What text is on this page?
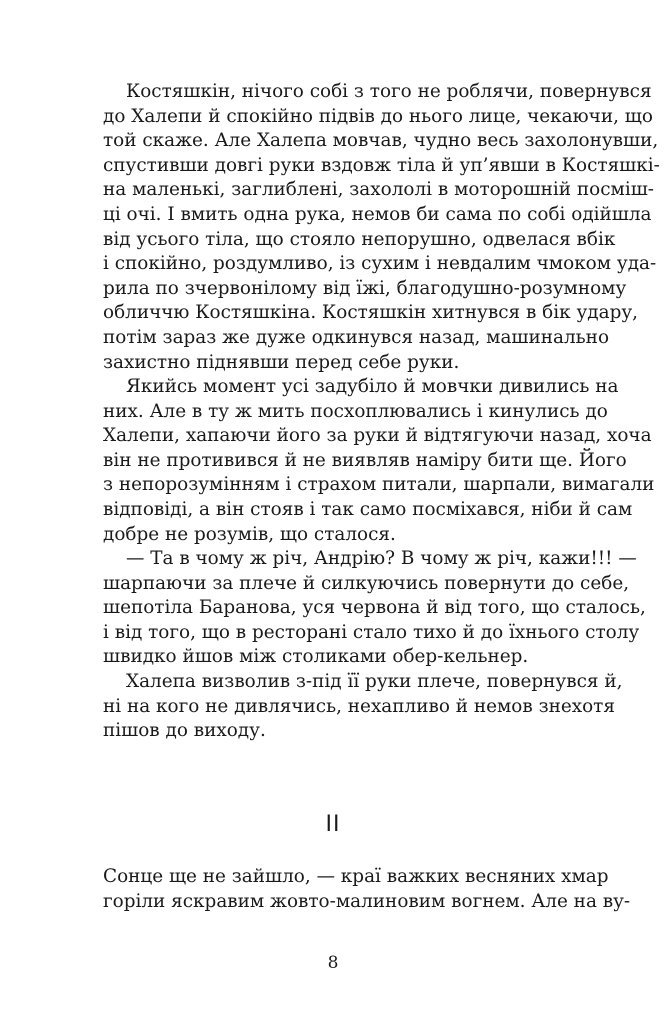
Костяшкін, нічого собі з того не роблячи, повернувся
до Халепи й спокійно підвів до нього лице, чекаючи, що
той скаже. Але Халепа мовчав, чудно весь захолонувши,
спустивши довгі руки вздовж тіла й уп’явши в Костяшкі-
на маленькі, заглиблені, захололі в моторошній посміш-
ці очі. І вмить одна рука, немов би сама по собі одійшла
від усього тіла, що стояло непорушно, одвелася вбік
і спокійно, роздумливо, із сухим і невдалим чмоком уда-
рила по зчервонілому від їжі, благодушно-розумному
обличчю Костяшкіна. Костяшкін хитнувся в бік удару,
потім зараз же дуже одкинувся назад, машинально
захистно піднявши перед себе руки.
Якийсь момент усі задубіло й мовчки дивились на
них. Але в ту ж мить посхоплювались і кинулись до
Халепи, хапаючи його за руки й відтягуючи назад, хоча
він не противився й не виявляв наміру бити ще. Його
з непорозумінням і страхом питали, шарпали, вимагали
відповіді, а він стояв і так само посміхався, ніби й сам
добре не розумів, що сталося.
— Та в чому ж річ, Андрію? В чому ж річ, кажи!!! —
шарпаючи за плече й силкуючись повернути до себе,
шепотіла Баранова, уся червона й від того, що сталось,
і від того, що в ресторані стало тихо й до їхнього столу
швидко йшов між столиками обер-кельнер.
Халепа визволив з-під її руки плече, повернувся й,
ні на кого не дивлячись, нехапливо й немов знехотя
пішов до виходу.
II
Сонце ще не зайшло, — краї важких весняних хмар
горіли яскравим жовто-малиновим вогнем. Але на ву-
8
